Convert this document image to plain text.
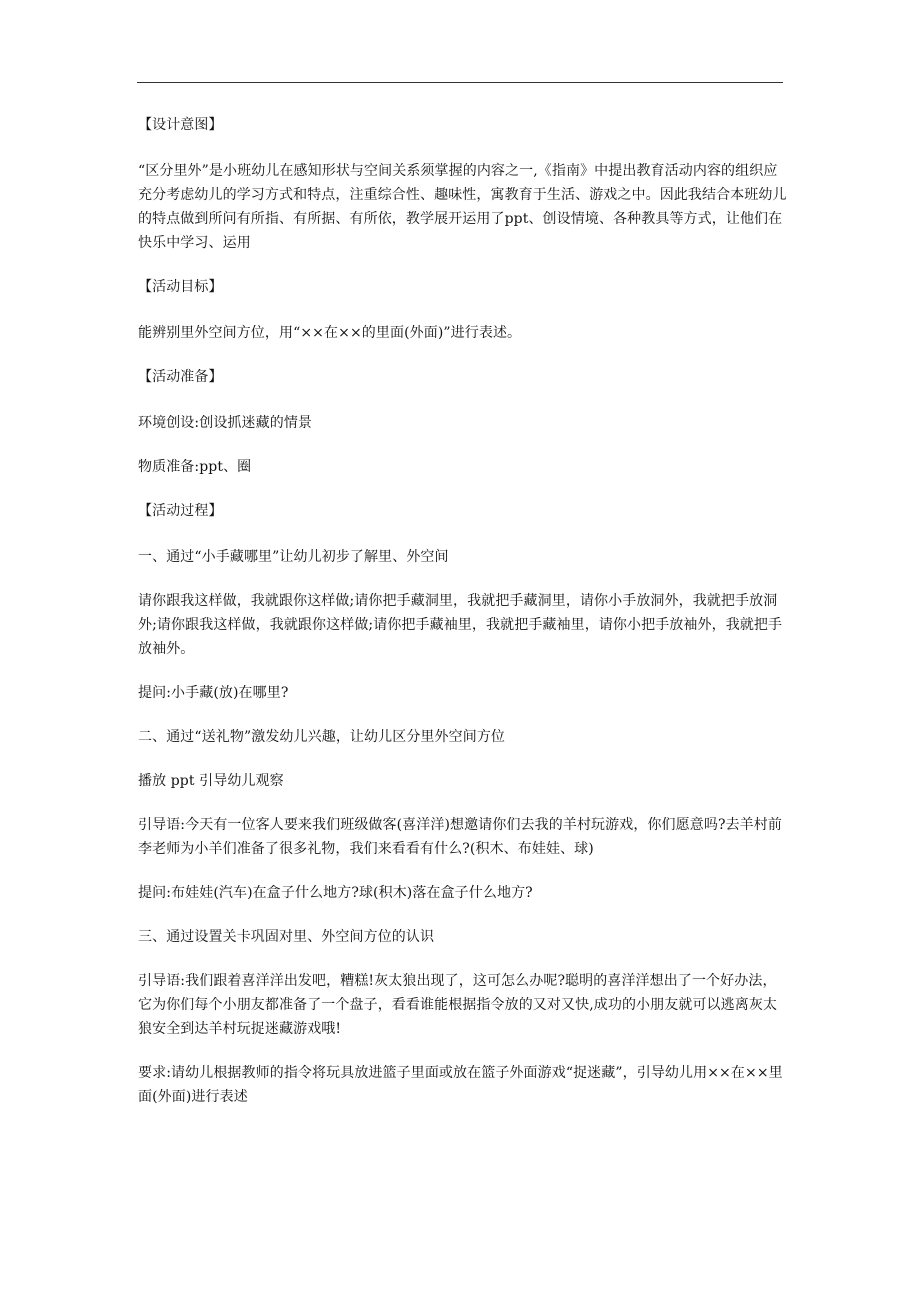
【设计意图】

“区分里外”是小班幼儿在感知形状与空间关系须掌握的内容之一,《指南》中提出教育活动内容的组织应充分考虑幼儿的学习方式和特点，注重综合性、趣味性，寓教育于生活、游戏之中。因此我结合本班幼儿的特点做到所问有所指、有所据、有所依，教学展开运用了ppt、创设情境、各种教具等方式，让他们在快乐中学习、运用

【活动目标】

能辨别里外空间方位，用“××在××的里面(外面)”进行表述。

【活动准备】

环境创设:创设抓迷藏的情景

物质准备:ppt、圈

【活动过程】

一、通过“小手藏哪里”让幼儿初步了解里、外空间

请你跟我这样做，我就跟你这样做;请你把手藏洞里，我就把手藏洞里，请你小手放洞外，我就把手放洞外;请你跟我这样做，我就跟你这样做;请你把手藏袖里，我就把手藏袖里，请你小把手放袖外，我就把手放袖外。

提问:小手藏(放)在哪里?

二、通过“送礼物”激发幼儿兴趣，让幼儿区分里外空间方位

播放 ppt 引导幼儿观察

引导语:今天有一位客人要来我们班级做客(喜洋洋)想邀请你们去我的羊村玩游戏，你们愿意吗?去羊村前李老师为小羊们准备了很多礼物，我们来看看有什么?(积木、布娃娃、球)

提问:布娃娃(汽车)在盒子什么地方?球(积木)落在盒子什么地方?

三、通过设置关卡巩固对里、外空间方位的认识

引导语:我们跟着喜洋洋出发吧，糟糕!灰太狼出现了，这可怎么办呢?聪明的喜洋洋想出了一个好办法，它为你们每个小朋友都准备了一个盘子，看看谁能根据指令放的又对又快,成功的小朋友就可以逃离灰太狼安全到达羊村玩捉迷藏游戏哦!

要求:请幼儿根据教师的指令将玩具放进篮子里面或放在篮子外面游戏“捉迷藏”，引导幼儿用××在××里面(外面)进行表述
